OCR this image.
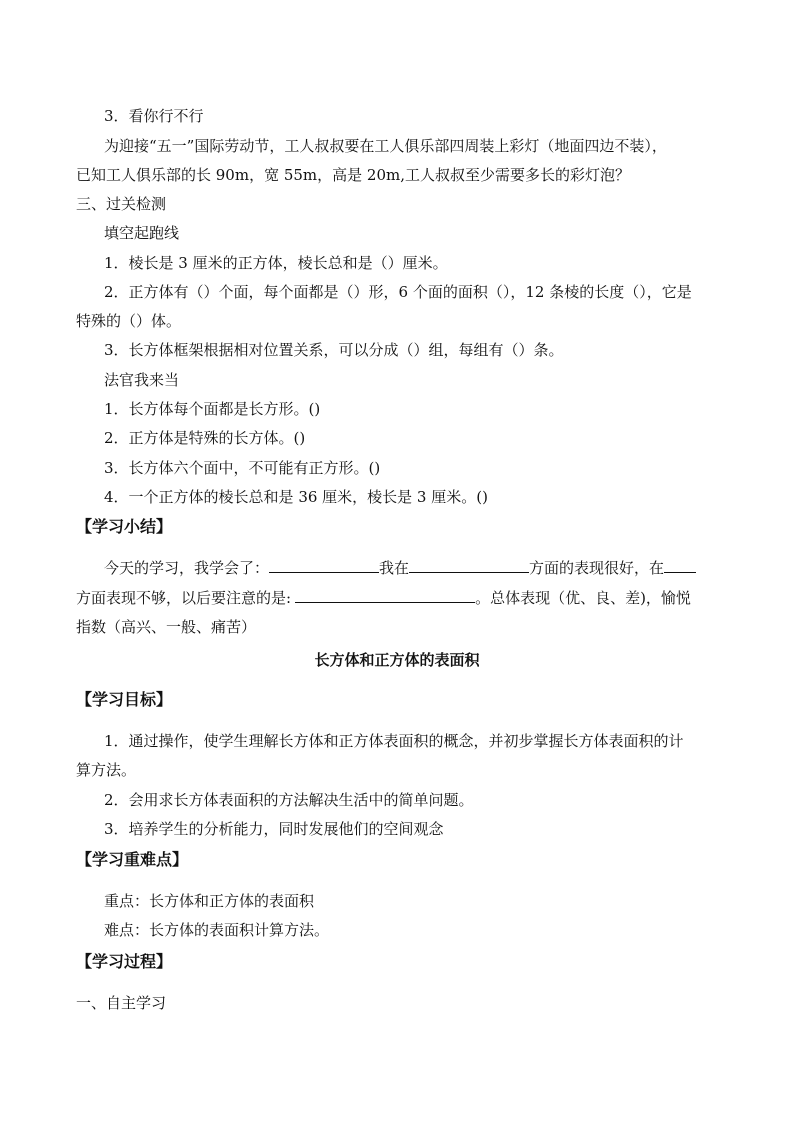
3．看你行不行
为迎接“五一”国际劳动节，工人叔叔要在工人俱乐部四周装上彩灯（地面四边不装），
已知工人俱乐部的长 90m，宽 55m，高是 20m,工人叔叔至少需要多长的彩灯泡？
三、过关检测
填空起跑线
1．棱长是 3 厘米的正方体，棱长总和是（）厘米。
2．正方体有（）个面，每个面都是（）形，6 个面的面积（），12 条棱的长度（），它是
特殊的（）体。
3．长方体框架根据相对位置关系，可以分成（）组，每组有（）条。
法官我来当
1．长方体每个面都是长方形。()
2．正方体是特殊的长方体。()
3．长方体六个面中，不可能有正方形。()
4．一个正方体的棱长总和是 36 厘米，棱长是 3 厘米。()
【学习小结】
今天的学习，我学会了：	我在	方面的表现很好，在
方面表现不够，以后要注意的是:	。总体表现（优、良、差)，愉悦
指数（高兴、一般、痛苦）
长方体和正方体的表面积
【学习目标】
1．通过操作，使学生理解长方体和正方体表面积的概念，并初步掌握长方体表面积的计
算方法。
2．会用求长方体表面积的方法解决生活中的简单问题。
3．培养学生的分析能力，同时发展他们的空间观念
【学习重难点】
重点：长方体和正方体的表面积
难点：长方体的表面积计算方法。
【学习过程】
一、自主学习
